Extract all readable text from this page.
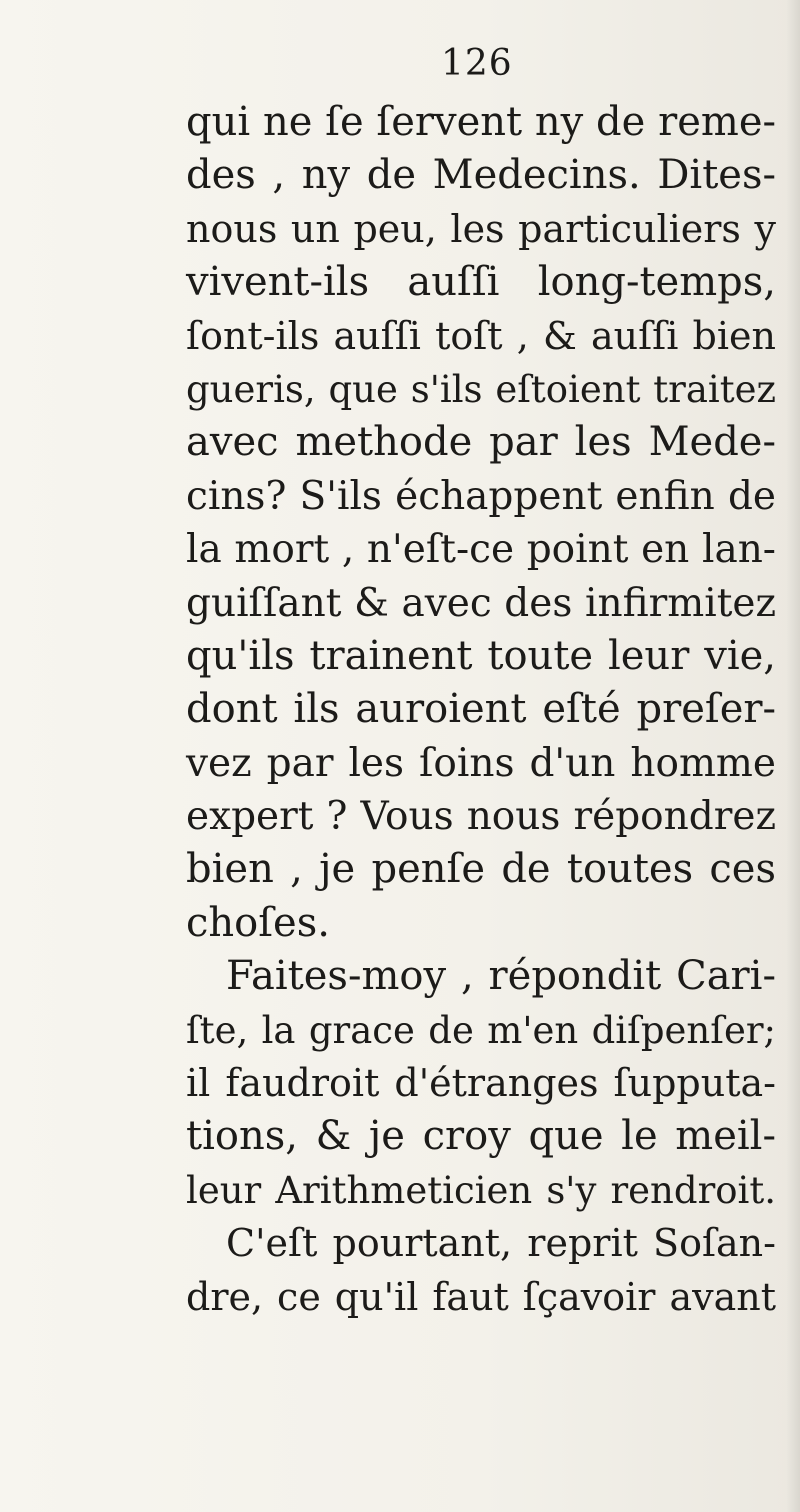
126
qui ne ſe ſervent ny de reme-
des , ny de Medecins. Dites-
nous un peu, les particuliers y
vivent-ils auſſi long-temps,
ſont-ils auſſi toſt , & auſſi bien
gueris, que s'ils eſtoient traitez
avec methode par les Mede-
cins? S'ils échappent enfin de
la mort , n'eſt-ce point en lan-
guiſſant & avec des infirmitez
qu'ils trainent toute leur vie,
dont ils auroient eſté preſer-
vez par les ſoins d'un homme
expert ? Vous nous répondrez
bien , je penſe de toutes ces
choſes.
Faites-moy , répondit Cari-
ſte, la grace de m'en diſpenſer;
il faudroit d'étranges ſupputa-
tions, & je croy que le meil-
leur Arithmeticien s'y rendroit.
C'eſt pourtant, reprit Soſan-
dre, ce qu'il faut ſçavoir avant
